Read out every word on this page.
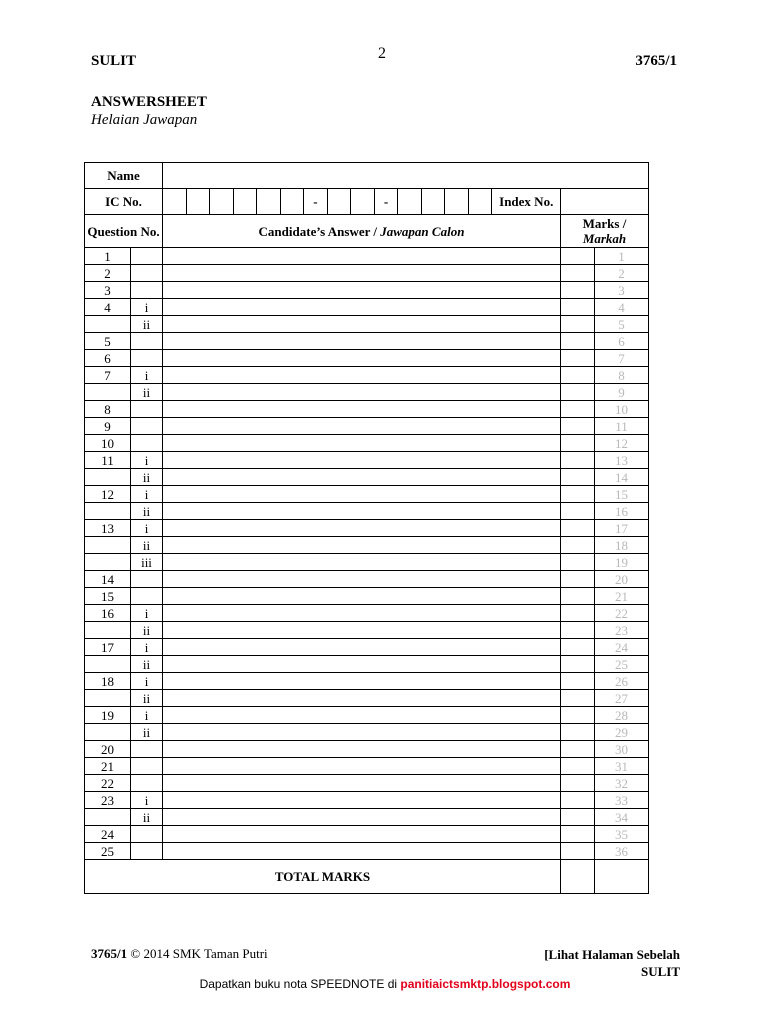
SULIT	2	3765/1
ANSWERSHEET
Helaian Jawapan
Name				
IC No.		- - Index No.		

Question No.		Candidate’s Answer / Jawapan Calon	Marks /
Markah	

1				1
2				2
3				3
4	i			4
	ii			5
5				6
6				7
7	i			8
	ii			9
8				10
9				11
10				12
11	i			13
	ii			14
12	i			15
	ii			16
13	i			17
	ii			18
	iii			19
14				20
15				21
16	i			22
	ii			23
17	i			24
	ii			25
18	i			26
	ii			27
19	i			28
	ii			29
20				30
21				31
22				32
23	i			33
	ii			34
24				35
25				36
TOTAL MARKS				
3765/1 © 2014 SMK Taman Putri	[Lihat Halaman Sebelah
SULIT
Dapatkan buku nota SPEEDNOTE di panitiaictsmktp.blogspot.com
